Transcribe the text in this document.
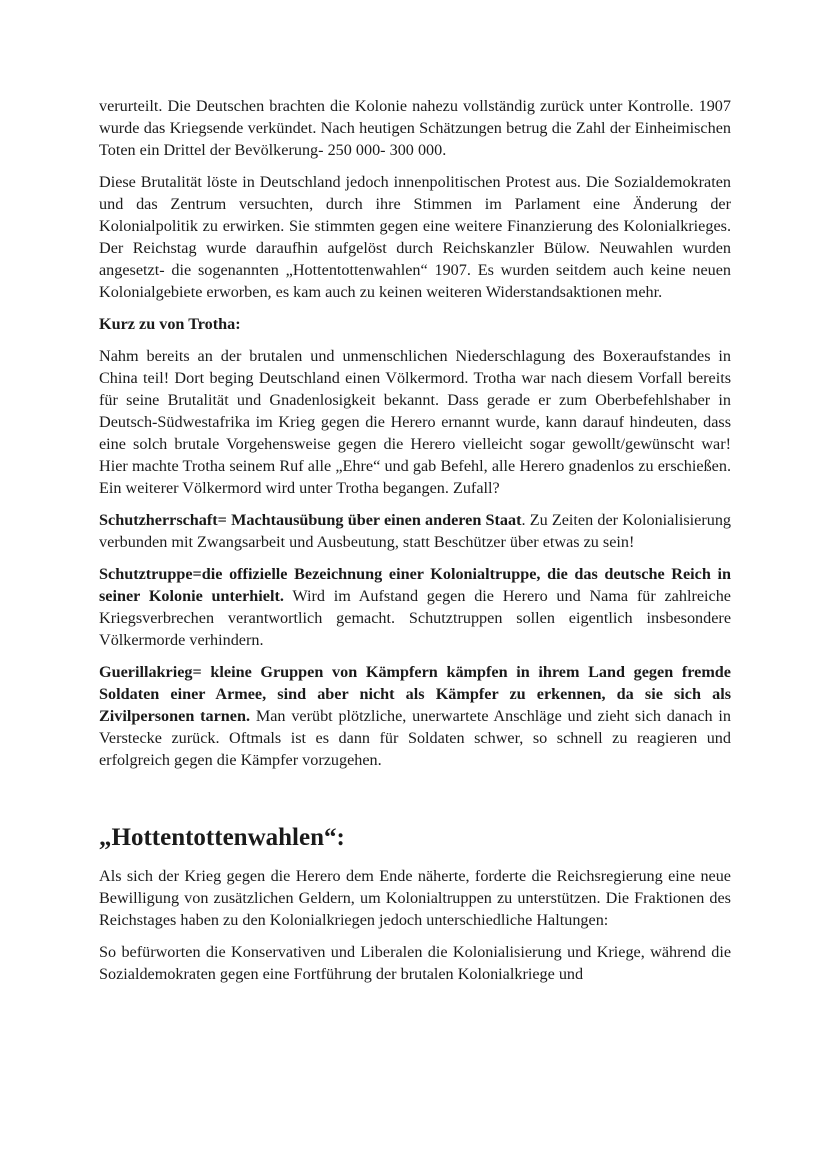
verurteilt. Die Deutschen brachten die Kolonie nahezu vollständig zurück unter Kontrolle. 1907 wurde das Kriegsende verkündet. Nach heutigen Schätzungen betrug die Zahl der Einheimischen Toten ein Drittel der Bevölkerung- 250 000- 300 000.

Diese Brutalität löste in Deutschland jedoch innenpolitischen Protest aus. Die Sozialdemokraten und das Zentrum versuchten, durch ihre Stimmen im Parlament eine Änderung der Kolonialpolitik zu erwirken. Sie stimmten gegen eine weitere Finanzierung des Kolonialkrieges. Der Reichstag wurde daraufhin aufgelöst durch Reichskanzler Bülow. Neuwahlen wurden angesetzt- die sogenannten „Hottentottenwahlen“ 1907. Es wurden seitdem auch keine neuen Kolonialgebiete erworben, es kam auch zu keinen weiteren Widerstandsaktionen mehr.

Kurz zu von Trotha:

Nahm bereits an der brutalen und unmenschlichen Niederschlagung des Boxeraufstandes in China teil! Dort beging Deutschland einen Völkermord. Trotha war nach diesem Vorfall bereits für seine Brutalität und Gnadenlosigkeit bekannt. Dass gerade er zum Oberbefehlshaber in Deutsch-Südwestafrika im Krieg gegen die Herero ernannt wurde, kann darauf hindeuten, dass eine solch brutale Vorgehensweise gegen die Herero vielleicht sogar gewollt/gewünscht war! Hier machte Trotha seinem Ruf alle „Ehre“ und gab Befehl, alle Herero gnadenlos zu erschießen. Ein weiterer Völkermord wird unter Trotha begangen. Zufall?

Schutzherrschaft= Machtausübung über einen anderen Staat. Zu Zeiten der Kolonialisierung verbunden mit Zwangsarbeit und Ausbeutung, statt Beschützer über etwas zu sein!

Schutztruppe=die offizielle Bezeichnung einer Kolonialtruppe, die das deutsche Reich in seiner Kolonie unterhielt. Wird im Aufstand gegen die Herero und Nama für zahlreiche Kriegsverbrechen verantwortlich gemacht. Schutztruppen sollen eigentlich insbesondere Völkermorde verhindern.

Guerillakrieg= kleine Gruppen von Kämpfern kämpfen in ihrem Land gegen fremde Soldaten einer Armee, sind aber nicht als Kämpfer zu erkennen, da sie sich als Zivilpersonen tarnen. Man verübt plötzliche, unerwartete Anschläge und zieht sich danach in Verstecke zurück. Oftmals ist es dann für Soldaten schwer, so schnell zu reagieren und erfolgreich gegen die Kämpfer vorzugehen.

„Hottentottenwahlen“:

Als sich der Krieg gegen die Herero dem Ende näherte, forderte die Reichsregierung eine neue Bewilligung von zusätzlichen Geldern, um Kolonialtruppen zu unterstützen. Die Fraktionen des Reichstages haben zu den Kolonialkriegen jedoch unterschiedliche Haltungen:

So befürworten die Konservativen und Liberalen die Kolonialisierung und Kriege, während die Sozialdemokraten gegen eine Fortführung der brutalen Kolonialkriege und
